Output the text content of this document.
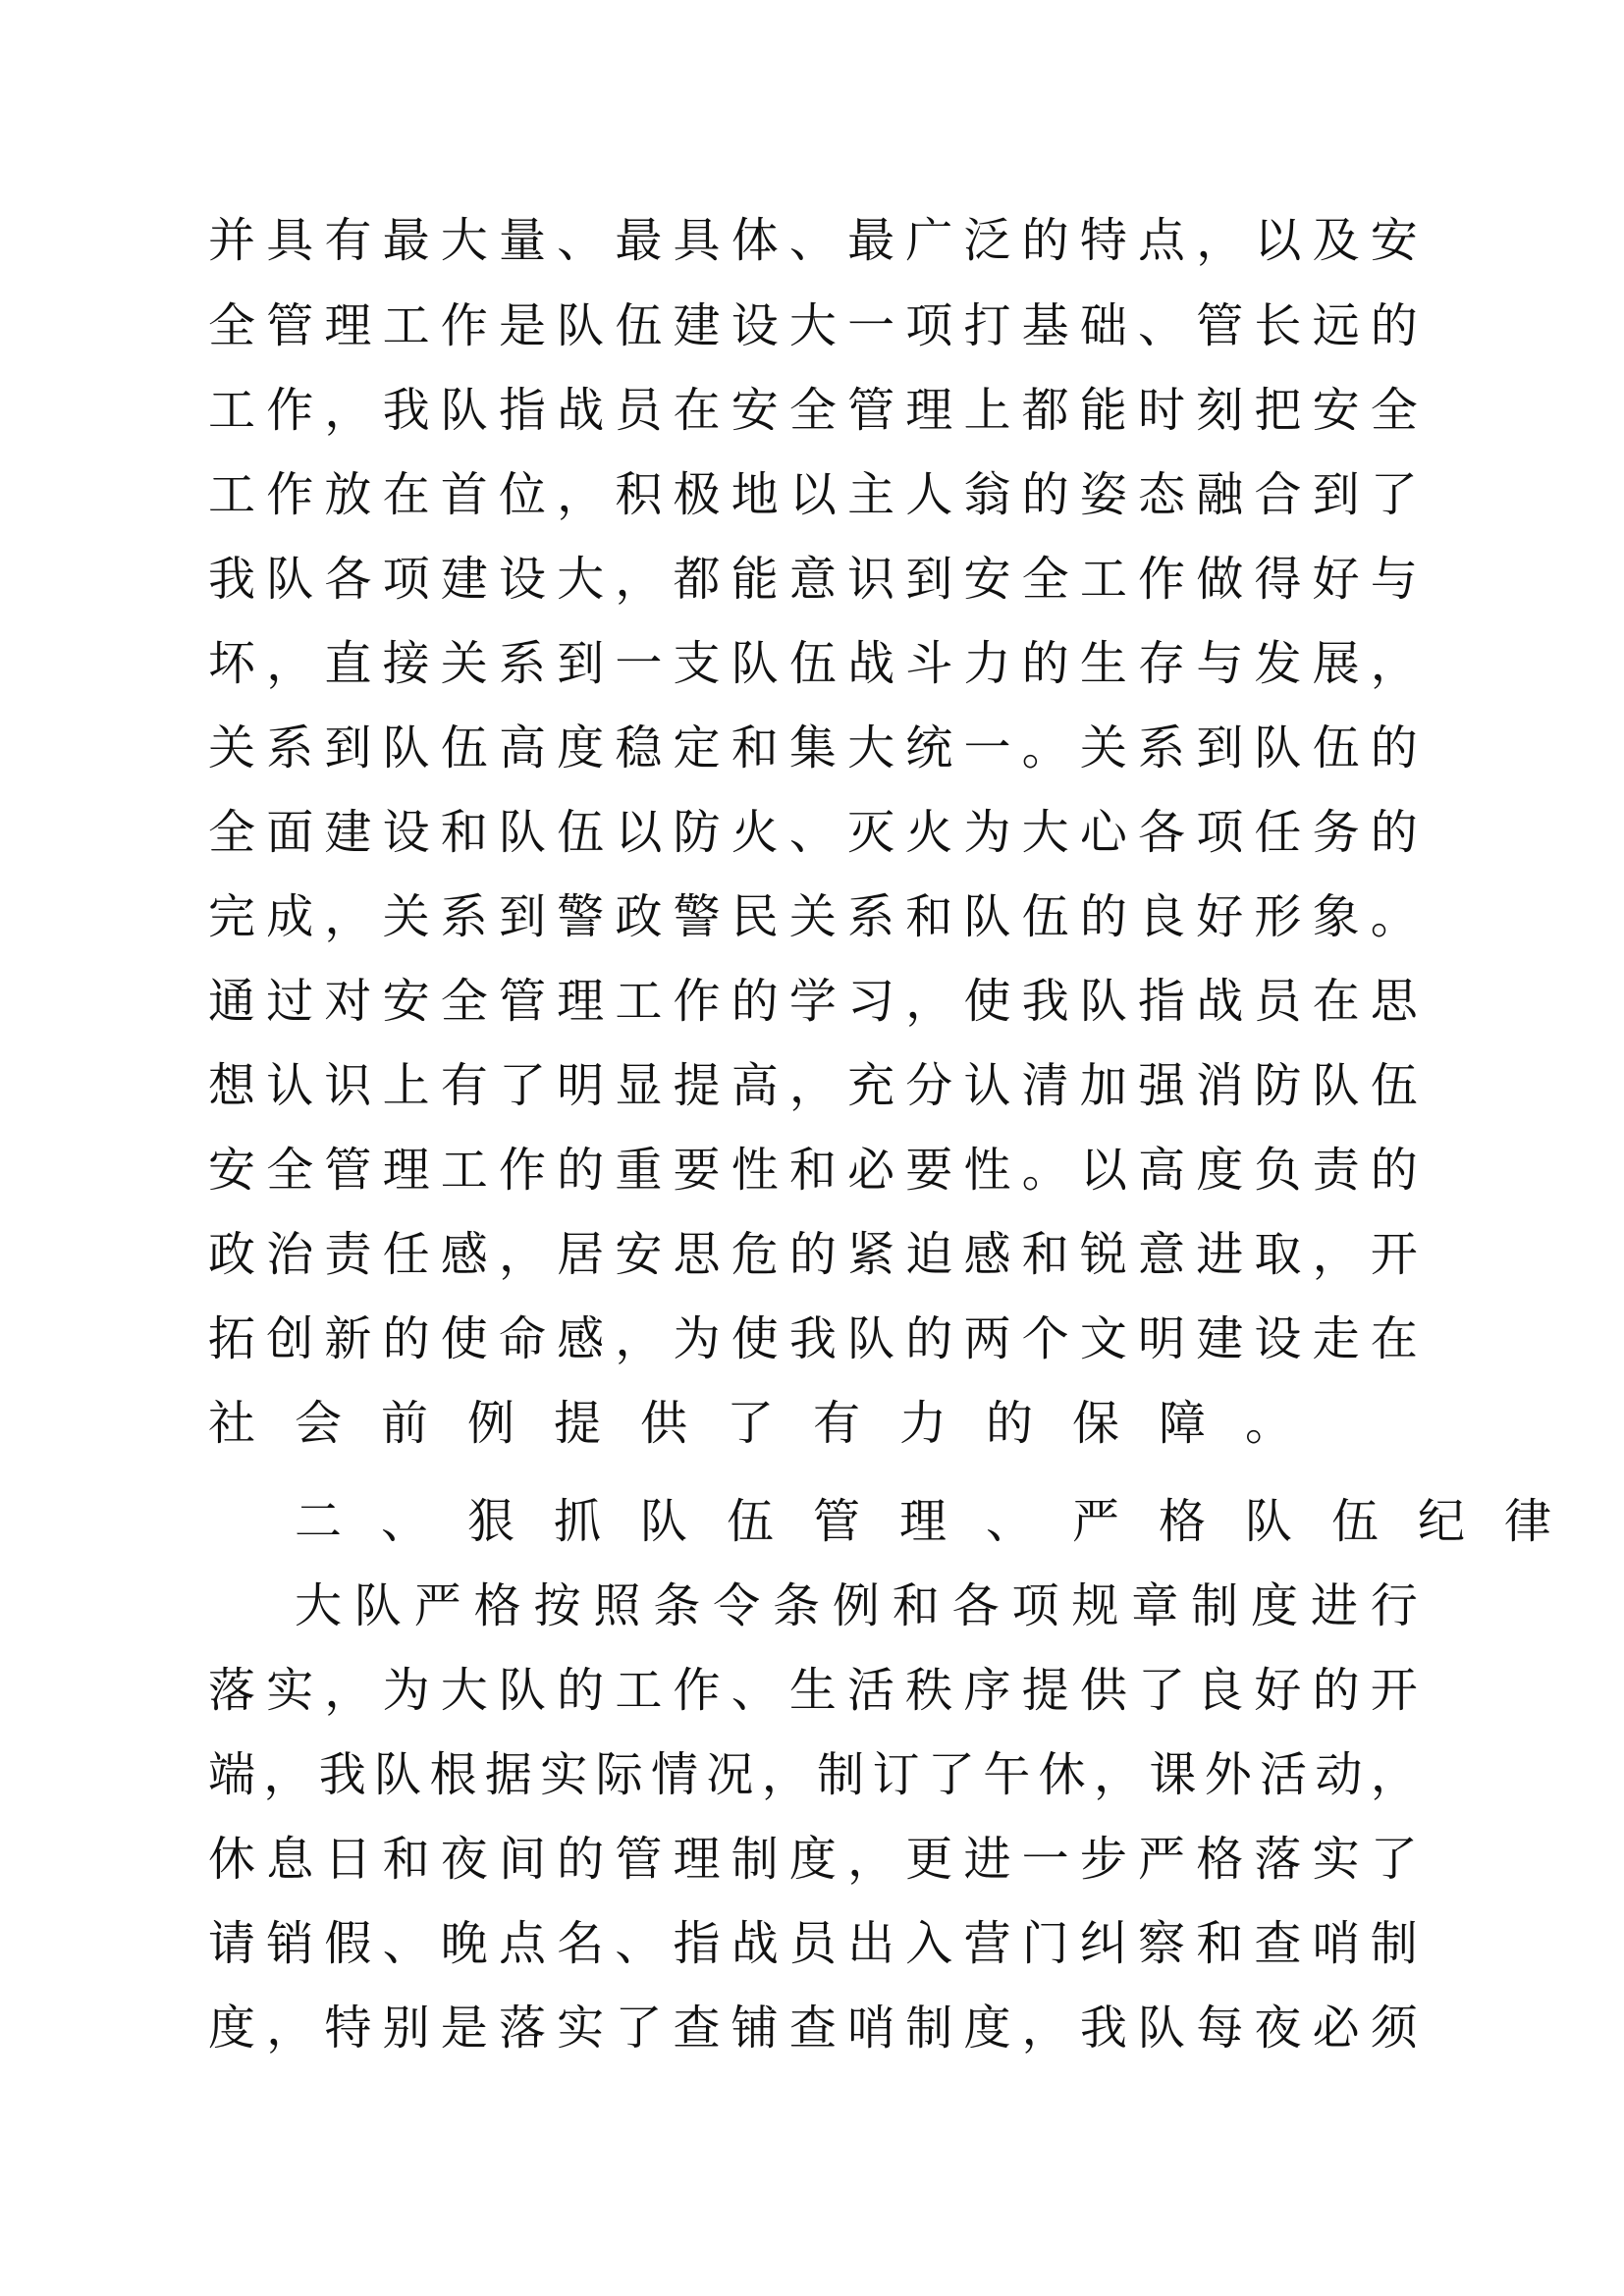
并 具 有 最 大 量 、 最 具 体 、 最 广 泛 的 特 点 ， 以 及 安
全 管 理 工 作 是 队 伍 建 设 大 一 项 打 基 础 、 管 长 远 的
工 作 ， 我 队 指 战 员 在 安 全 管 理 上 都 能 时 刻 把 安 全
工 作 放 在 首 位 ， 积 极 地 以 主 人 翁 的 姿 态 融 合 到 了
我 队 各 项 建 设 大 ， 都 能 意 识 到 安 全 工 作 做 得 好 与
坏 ， 直 接 关 系 到 一 支 队 伍 战 斗 力 的 生 存 与 发 展 ，
关 系 到 队 伍 高 度 稳 定 和 集 大 统 一 。 关 系 到 队 伍 的
全 面 建 设 和 队 伍 以 防 火 、 灭 火 为 大 心 各 项 任 务 的
完 成 ， 关 系 到 警 政 警 民 关 系 和 队 伍 的 良 好 形 象 。
通 过 对 安 全 管 理 工 作 的 学 习 ， 使 我 队 指 战 员 在 思
想 认 识 上 有 了 明 显 提 高 ， 充 分 认 清 加 强 消 防 队 伍
安 全 管 理 工 作 的 重 要 性 和 必 要 性 。 以 高 度 负 责 的
政 治 责 任 感 ， 居 安 思 危 的 紧 迫 感 和 锐 意 进 取 ， 开
拓 创 新 的 使 命 感 ， 为 使 我 队 的 两 个 文 明 建 设 走 在
社会前例提供了有力的保障。
二、狠抓队伍管理、严格队伍纪律
大 队 严 格 按 照 条 令 条 例 和 各 项 规 章 制 度 进 行
落 实 ， 为 大 队 的 工 作 、 生 活 秩 序 提 供 了 良 好 的 开
端 ， 我 队 根 据 实 际 情 况 ， 制 订 了 午 休 ， 课 外 活 动 ，
休 息 日 和 夜 间 的 管 理 制 度 ， 更 进 一 步 严 格 落 实 了
请 销 假 、 晚 点 名 、 指 战 员 出 入 营 门 纠 察 和 查 哨 制
度 ， 特 别 是 落 实 了 查 铺 查 哨 制 度 ， 我 队 每 夜 必 须
